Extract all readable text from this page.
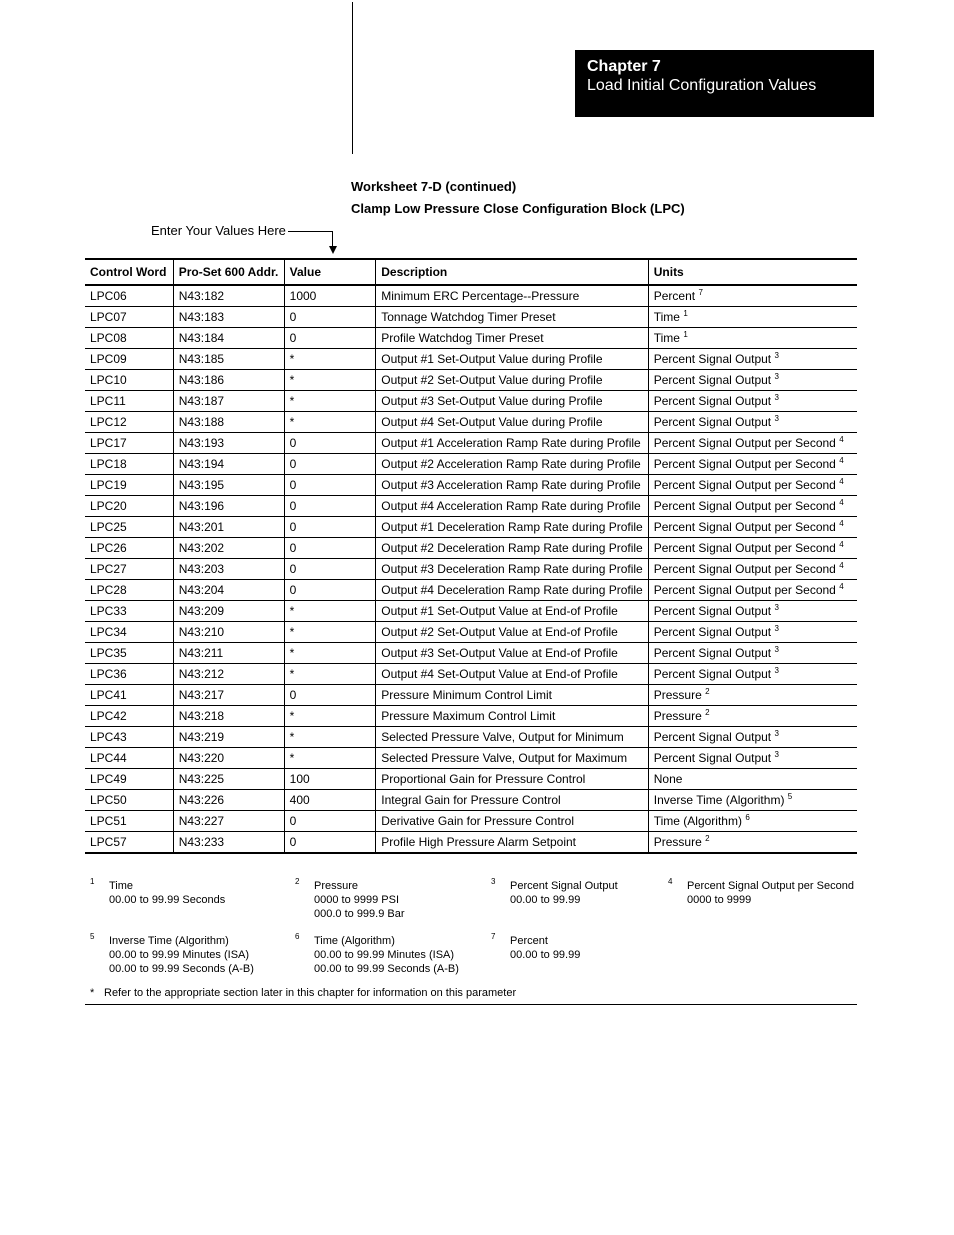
Chapter 7
Load Initial Configuration Values
Worksheet 7-D (continued)
Clamp Low Pressure Close Configuration Block (LPC)
Enter Your Values Here
Control Word	Pro-Set 600 Addr.	Value	Description	Units
LPC06	N43:182	1000	Minimum ERC Percentage--Pressure	Percent $^7$
LPC07	N43:183	0	Tonnage Watchdog Timer Preset	Time $^1$
LPC08	N43:184	0	Profile Watchdog Timer Preset	Time $^1$
LPC09	N43:185	*	Output #1 Set-Output Value during Profile	Percent Signal Output $^3$
LPC10	N43:186	*	Output #2 Set-Output Value during Profile	Percent Signal Output $^3$
LPC11	N43:187	*	Output #3 Set-Output Value during Profile	Percent Signal Output $^3$
LPC12	N43:188	*	Output #4 Set-Output Value during Profile	Percent Signal Output $^3$
LPC17	N43:193	0	Output #1 Acceleration Ramp Rate during Profile	Percent Signal Output per Second $^4$
LPC18	N43:194	0	Output #2 Acceleration Ramp Rate during Profile	Percent Signal Output per Second $^4$
LPC19	N43:195	0	Output #3 Acceleration Ramp Rate during Profile	Percent Signal Output per Second $^4$
LPC20	N43:196	0	Output #4 Acceleration Ramp Rate during Profile	Percent Signal Output per Second $^4$
LPC25	N43:201	0	Output #1 Deceleration Ramp Rate during Profile	Percent Signal Output per Second $^4$
LPC26	N43:202	0	Output #2 Deceleration Ramp Rate during Profile	Percent Signal Output per Second $^4$
LPC27	N43:203	0	Output #3 Deceleration Ramp Rate during Profile	Percent Signal Output per Second $^4$
LPC28	N43:204	0	Output #4 Deceleration Ramp Rate during Profile	Percent Signal Output per Second $^4$
LPC33	N43:209	*	Output #1 Set-Output Value at End-of Profile	Percent Signal Output $^3$
LPC34	N43:210	*	Output #2 Set-Output Value at End-of Profile	Percent Signal Output $^3$
LPC35	N43:211	*	Output #3 Set-Output Value at End-of Profile	Percent Signal Output $^3$
LPC36	N43:212	*	Output #4 Set-Output Value at End-of Profile	Percent Signal Output $^3$
LPC41	N43:217	0	Pressure Minimum Control Limit	Pressure $^2$
LPC42	N43:218	*	Pressure Maximum Control Limit	Pressure $^2$
LPC43	N43:219	*	Selected Pressure Valve, Output for Minimum	Percent Signal Output $^3$
LPC44	N43:220	*	Selected Pressure Valve, Output for Maximum	Percent Signal Output $^3$
LPC49	N43:225	100	Proportional Gain for Pressure Control	None
LPC50	N43:226	400	Integral Gain for Pressure Control	Inverse Time (Algorithm) $^5$
LPC51	N43:227	0	Derivative Gain for Pressure Control	Time (Algorithm) $^6$
LPC57	N43:233	0	Profile High Pressure Alarm Setpoint	Pressure $^2$
1 Time
00.00 to 99.99 Seconds
2 Pressure
0000 to 9999 PSI
000.0 to 999.9 Bar
3 Percent Signal Output
00.00 to 99.99
4 Percent Signal Output per Second
0000 to 9999
5 Inverse Time (Algorithm)
00.00 to 99.99 Minutes (ISA)
00.00 to 99.99 Seconds (A-B)
6 Time (Algorithm)
00.00 to 99.99 Minutes (ISA)
00.00 to 99.99 Seconds (A-B)
7 Percent
00.00 to 99.99
* Refer to the appropriate section later in this chapter for information on this parameter
